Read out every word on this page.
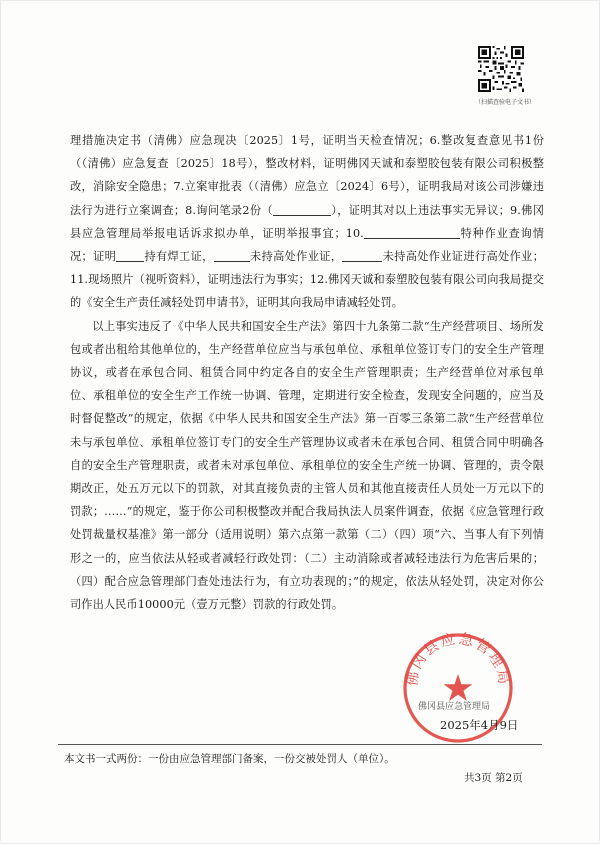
（扫描查验电子文书）

理措施决定书（清佛）应急现决〔2025〕1号，证明当天检查情况；6.整改复查意见书1份（（清佛）应急复查〔2025〕18号），整改材料，证明佛冈天诚和泰塑胶包装有限公司积极整改，消除安全隐患；7.立案审批表（（清佛）应急立〔2024〕6号），证明我局对该公司涉嫌违法行为进行立案调查；8.询问笔录2份（	），证明其对以上违法事实无异议；9.佛冈县应急管理局举报电话诉求拟办单，证明举报事宜；10.	特种作业查询情况；证明	持有焊工证，	未持高处作业证，	未持高处作业证进行高处作业；11.现场照片（视听资料），证明违法行为事实；12.佛冈天诚和泰塑胶包装有限公司向我局提交的《安全生产责任减轻处罚申请书》，证明其向我局申请减轻处罚。

以上事实违反了《中华人民共和国安全生产法》第四十九条第二款“生产经营项目、场所发包或者出租给其他单位的，生产经营单位应当与承包单位、承租单位签订专门的安全生产管理协议，或者在承包合同、租赁合同中约定各自的安全生产管理职责；生产经营单位对承包单位、承租单位的安全生产工作统一协调、管理，定期进行安全检查，发现安全问题的，应当及时督促整改”的规定，依据《中华人民共和国安全生产法》第一百零三条第二款“生产经营单位未与承包单位、承租单位签订专门的安全生产管理协议或者未在承包合同、租赁合同中明确各自的安全生产管理职责，或者未对承包单位、承租单位的安全生产统一协调、管理的，责令限期改正，处五万元以下的罚款，对其直接负责的主管人员和其他直接责任人员处一万元以下的罚款；……”的规定，鉴于你公司积极整改并配合我局执法人员案件调查，依据《应急管理行政处罚裁量权基准》第一部分（适用说明）第六点第一款第（二）（四）项“六、当事人有下列情形之一的，应当依法从轻或者减轻行政处罚：（二）主动消除或者减轻违法行为危害后果的；（四）配合应急管理部门查处违法行为，有立功表现的；”的规定，依法从轻处罚，决定对你公司作出人民币10000元（壹万元整）罚款的行政处罚。

佛冈县应急管理局
佛冈县应急管理局
2025年4月9日
本文书一式两份：一份由应急管理部门备案，一份交被处罚人（单位）。
共3页 第2页
